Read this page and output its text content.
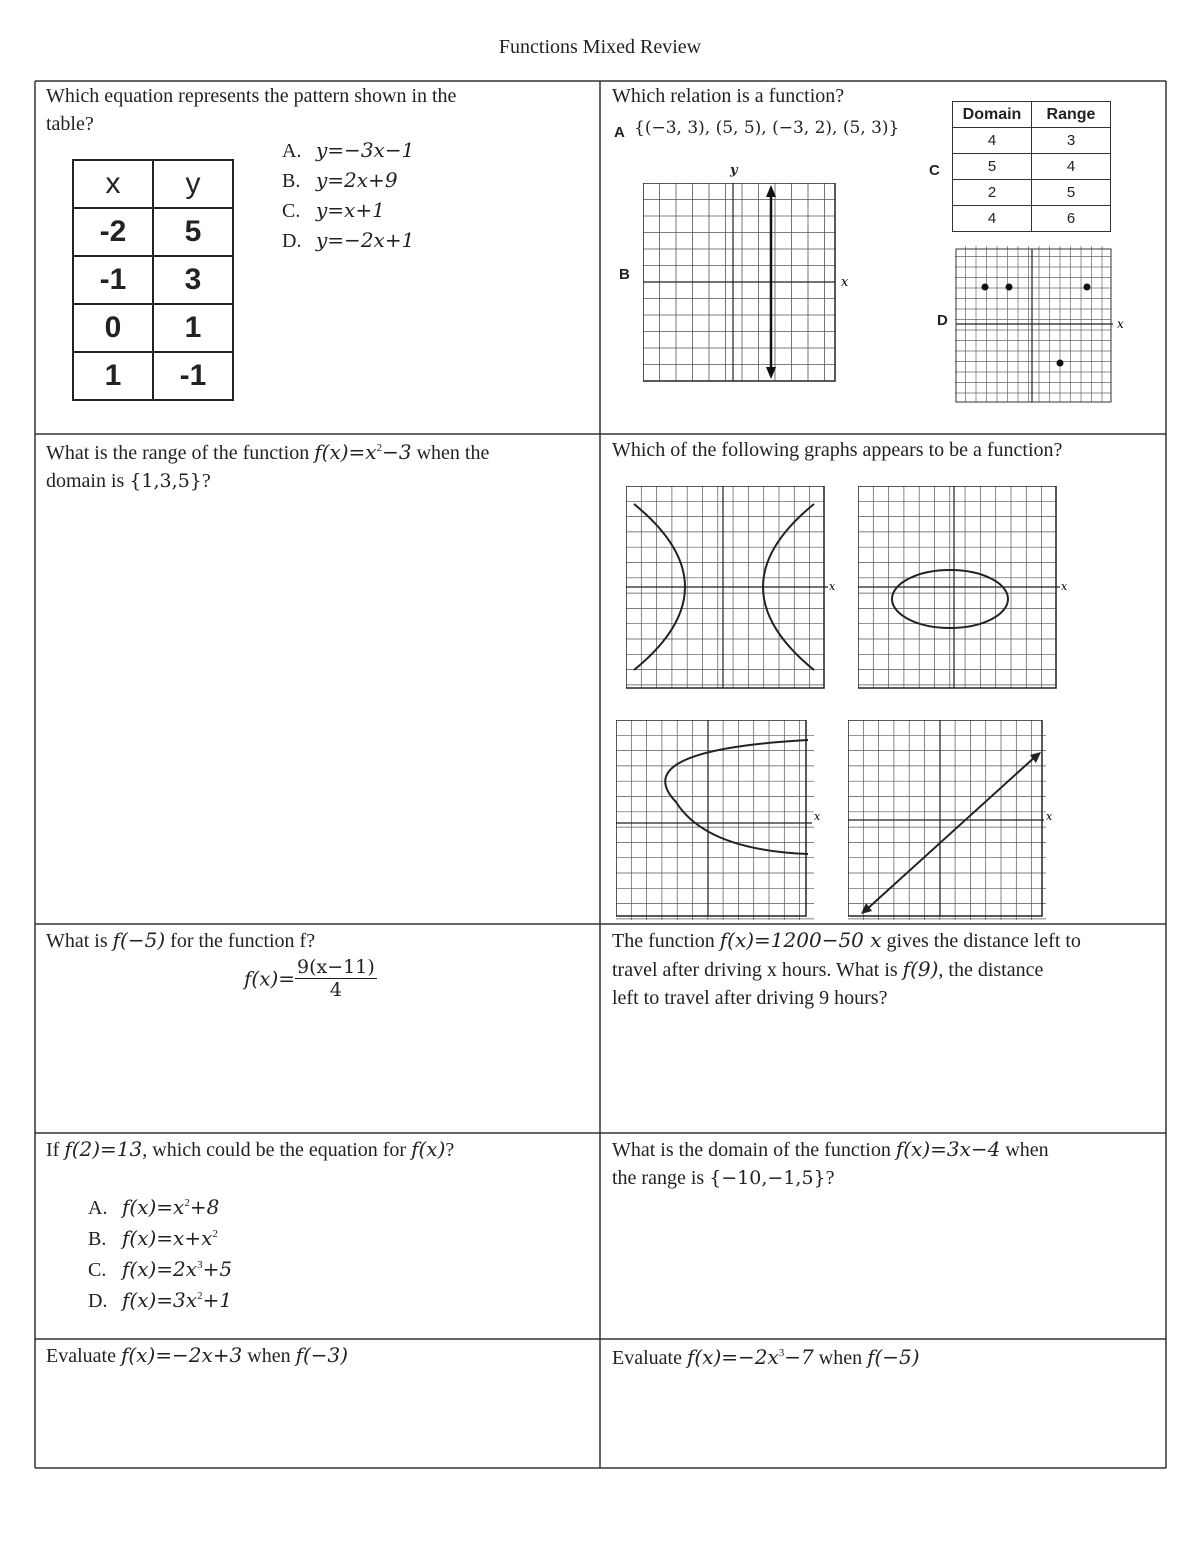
Functions Mixed Review

Which equation represents the pattern shown in the

table?

x	y
-2	5
-1	3
0	1
1	-1
A. y=−3x−1
B. y=2x+9
C. y=x+1
D. y=−2x+1
Which relation is a function?
A {(−3, 3), (5, 5), (−3, 2), (5, 3)}
B
C
D
x
y
Domain	Range
4	3
5	4
2	5
4	6
x

What is the range of the function $f(x)=x^2-3$ when the

domain is {1,3,5}?

Which of the following graphs appears to be a function?
x	x
x	x

What is f(−5) for the function f?

$f(x)= \frac{9(x-11)}{4}$

The function f(x)=1200−50 x gives the distance left to

travel after driving x hours. What is f(9), the distance

left to travel after driving 9 hours?

If f(2)=13, which could be the equation for f(x)?

A. $f(x)=x^2+8$
B. $f(x)=x+x^2$
C. $f(x)=2x^3+5$
D. $f(x)=3x^2+1$

What is the domain of the function f(x)=3x−4 when

the range is {−10,−1,5}?

Evaluate f(x)=−2x+3 when f(−3)	Evaluate $f(x)=-2x^3-7$ when f(−5)
